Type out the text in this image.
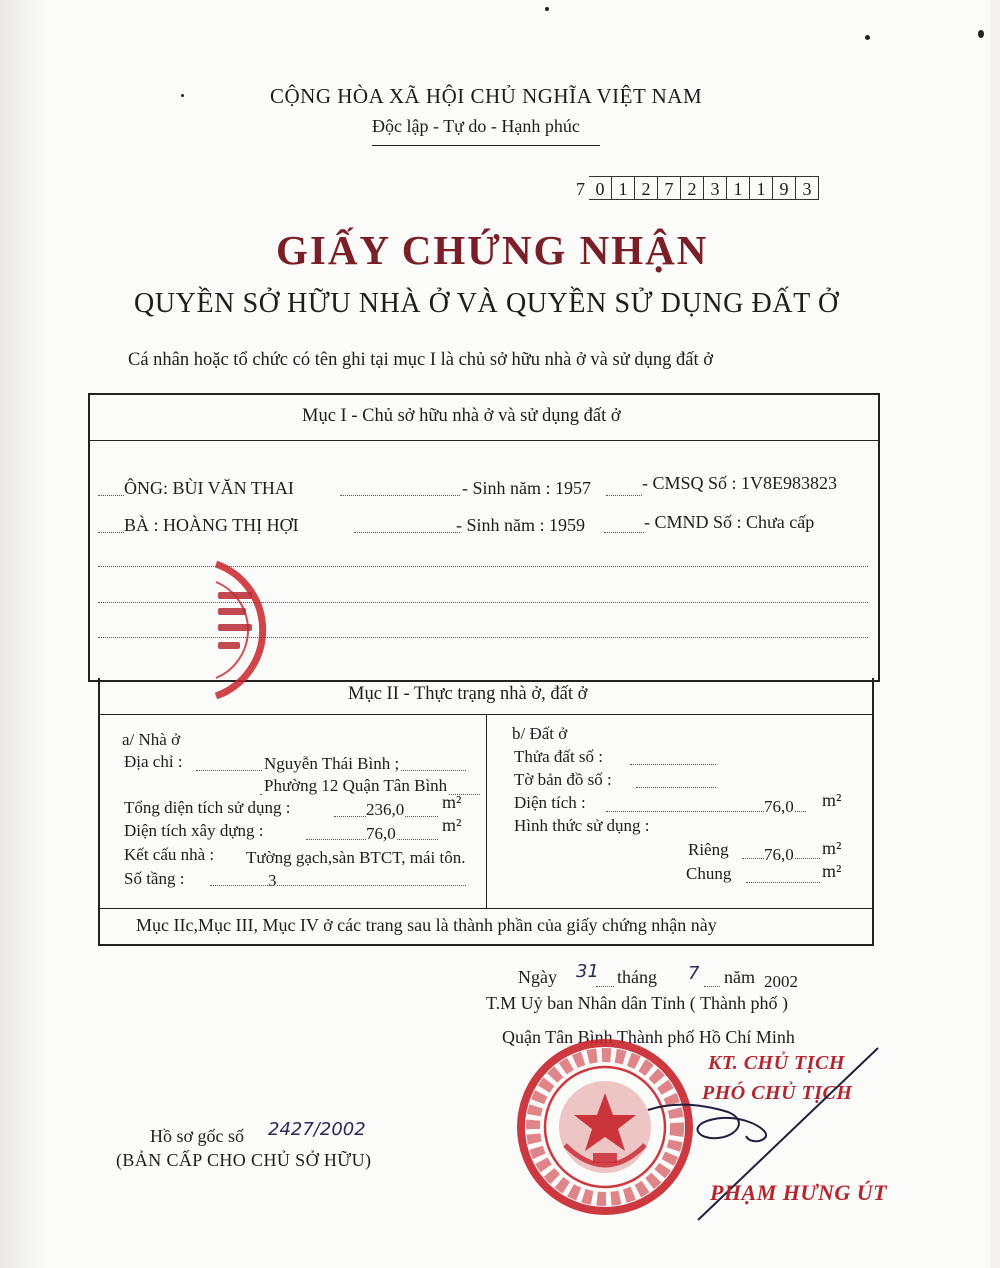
CỘNG HÒA XÃ HỘI CHỦ NGHĨA VIỆT NAM
Độc lập - Tự do - Hạnh phúc
7 0 1 2 7 2 3 1 1 9 3
GIẤY CHỨNG NHẬN
QUYỀN SỞ HỮU NHÀ Ở VÀ QUYỀN SỬ DỤNG ĐẤT Ở
Cá nhân hoặc tổ chức có tên ghi tại mục I là chủ sở hữu nhà ở và sử dụng đất ở
Mục I - Chủ sở hữu nhà ở và sử dụng đất ở
ÔNG: BÙI VĂN THAI	- Sinh năm : 1957	- CMSQ Số : 1V8E983823
BÀ : HOÀNG THỊ HỢI	- Sinh năm : 1959	- CMND Số : Chưa cấp
Mục II - Thực trạng nhà ở, đất ở
a/ Nhà ở
Địa chỉ :	Nguyễn Thái Bình ;
Phường 12 Quận Tân Bình
Tổng diện tích sử dụng :	236,0 m²
Diện tích xây dựng :	76,0	m²
Kết cấu nhà : Tường gạch,sàn BTCT, mái tôn.
Số tầng :	3
b/ Đất ở
Thửa đất số :
Tờ bản đồ số :
Diện tích :	76,0 m²
Hình thức sử dụng :
Riêng 76,0 m²
Chung	m²
Mục IIc,Mục III, Mục IV ở các trang sau là thành phần của giấy chứng nhận này
Ngày 31 tháng 7 năm 2002
T.M Uỷ ban Nhân dân Tỉnh ( Thành phố )
Quận Tân Bình Thành phố Hồ Chí Minh
KT. CHỦ TỊCH
PHÓ CHỦ TỊCH
PHẠM HƯNG ÚT
Hồ sơ gốc số 2427/2002
(BẢN CẤP CHO CHỦ SỞ HỮU)
